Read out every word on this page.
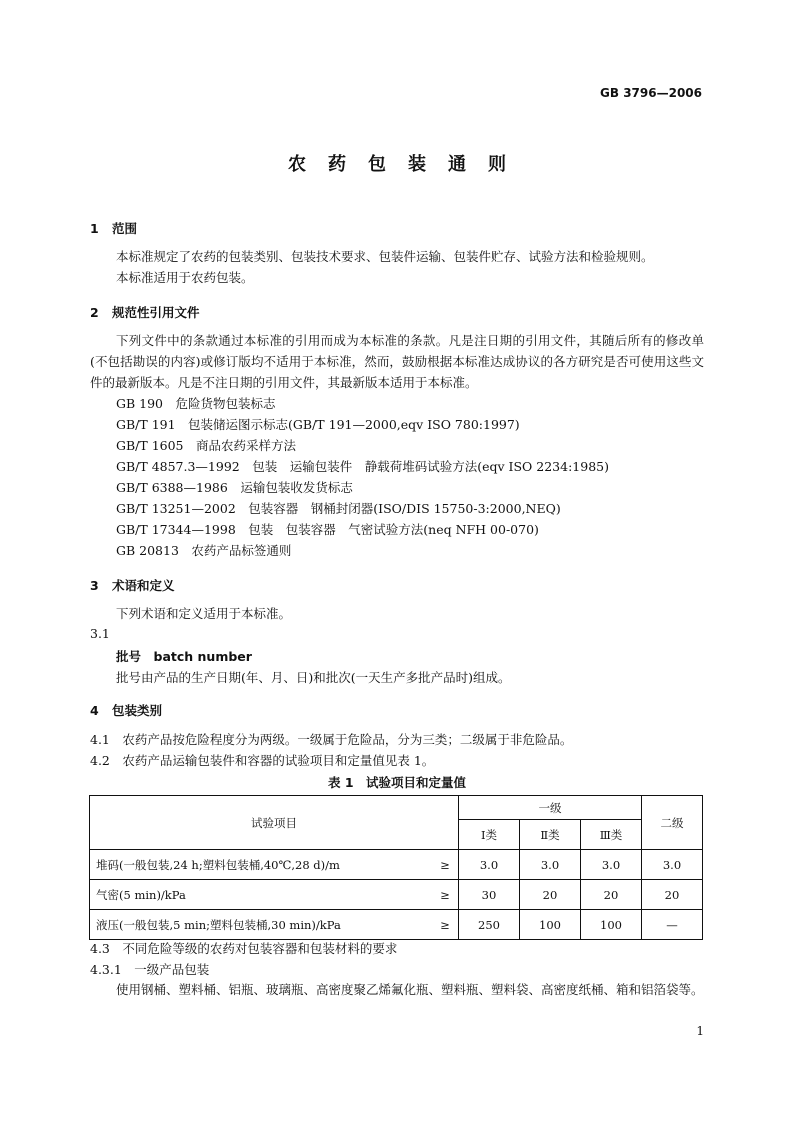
GB 3796—2006
农药包装通则
1 范围
本标准规定了农药的包装类别、包装技术要求、包装件运输、包装件贮存、试验方法和检验规则。
本标准适用于农药包装。
2 规范性引用文件
下列文件中的条款通过本标准的引用而成为本标准的条款。凡是注日期的引用文件，其随后所有的修改单(不包括勘误的内容)或修订版均不适用于本标准，然而，鼓励根据本标准达成协议的各方研究是否可使用这些文件的最新版本。凡是不注日期的引用文件，其最新版本适用于本标准。
GB 190　危险货物包装标志
GB/T 191　包装储运图示标志(GB/T 191—2000,eqv ISO 780:1997)
GB/T 1605　商品农药采样方法
GB/T 4857.3—1992　包装　运输包装件　静载荷堆码试验方法(eqv ISO 2234:1985)
GB/T 6388—1986　运输包装收发货标志
GB/T 13251—2002　包装容器　钢桶封闭器(ISO/DIS 15750-3:2000,NEQ)
GB/T 17344—1998　包装　包装容器　气密试验方法(neq NFH 00-070)
GB 20813　农药产品标签通则
3 术语和定义
下列术语和定义适用于本标准。
3.1
批号　batch number
批号由产品的生产日期(年、月、日)和批次(一天生产多批产品时)组成。
4 包装类别
4.1　农药产品按危险程度分为两级。一级属于危险品，分为三类；二级属于非危险品。
4.2　农药产品运输包装件和容器的试验项目和定量值见表 1。
表 1　试验项目和定量值
试验项目		一级			二级
		Ⅰ类	Ⅱ类	Ⅲ类	
堆码(一般包装,24 h;塑料包装桶,40℃,28 d)/m	≥	3.0	3.0	3.0	3.0
气密(5 min)/kPa	≥	30	20	20	20
液压(一般包装,5 min;塑料包装桶,30 min)/kPa	≥	250	100	100	—
4.3　不同危险等级的农药对包装容器和包装材料的要求
4.3.1　一级产品包装
使用钢桶、塑料桶、铝瓶、玻璃瓶、高密度聚乙烯氟化瓶、塑料瓶、塑料袋、高密度纸桶、箱和铝箔袋等。
1
